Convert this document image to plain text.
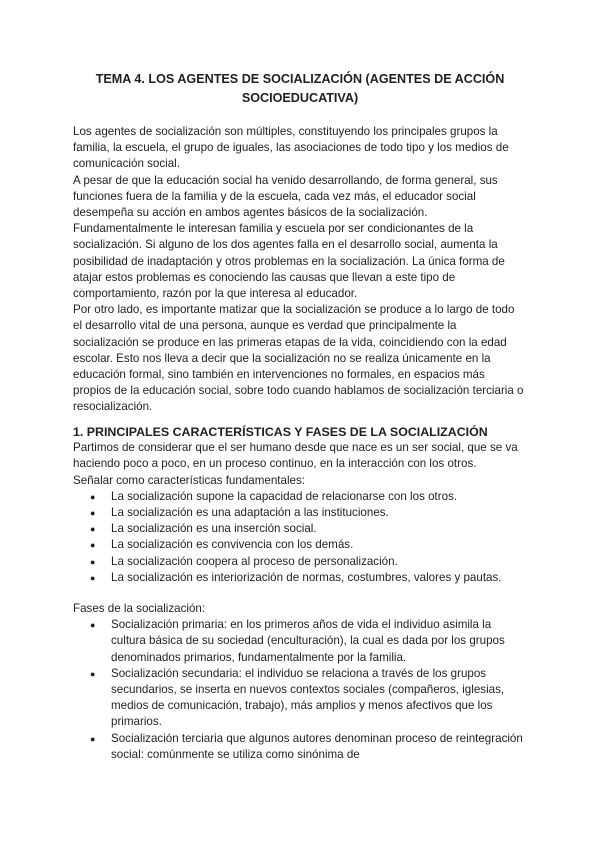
TEMA 4. LOS AGENTES DE SOCIALIZACIÓN (AGENTES DE ACCIÓN SOCIOEDUCATIVA)

Los agentes de socialización son múltiples, constituyendo los principales grupos la familia, la escuela, el grupo de iguales, las asociaciones de todo tipo y los medios de comunicación social.

A pesar de que la educación social ha venido desarrollando, de forma general, sus funciones fuera de la familia y de la escuela, cada vez más, el educador social desempeña su acción en ambos agentes básicos de la socialización.

Fundamentalmente le interesan familia y escuela por ser condicionantes de la socialización. Si alguno de los dos agentes falla en el desarrollo social, aumenta la posibilidad de inadaptación y otros problemas en la socialización. La única forma de atajar estos problemas es conociendo las causas que llevan a este tipo de comportamiento, razón por la que interesa al educador.

Por otro lado, es importante matizar que la socialización se produce a lo largo de todo el desarrollo vital de una persona, aunque es verdad que principalmente la socialización se produce en las primeras etapas de la vida, coincidiendo con la edad escolar. Esto nos lleva a decir que la socialización no se realiza únicamente en la educación formal, sino también en intervenciones no formales, en espacios más propios de la educación social, sobre todo cuando hablamos de socialización terciaria o resocialización.

1. PRINCIPALES CARACTERÍSTICAS Y FASES DE LA SOCIALIZACIÓN

Partimos de considerar que el ser humano desde que nace es un ser social, que se va haciendo poco a poco, en un proceso continuo, en la interacción con los otros.

Señalar como características fundamentales:

● La socialización supone la capacidad de relacionarse con los otros.
● La socialización es una adaptación a las instituciones.
● La socialización es una inserción social.
● La socialización es convivencia con los demás.
● La socialización coopera al proceso de personalización.
● La socialización es interiorización de normas, costumbres, valores y pautas.

Fases de la socialización:

● Socialización primaria: en los primeros años de vida el individuo asimila la cultura básica de su sociedad (enculturación), la cual es dada por los grupos denominados primarios, fundamentalmente por la familia.
● Socialización secundaria: el individuo se relaciona a través de los grupos secundarios, se inserta en nuevos contextos sociales (compañeros, iglesias, medios de comunicación, trabajo), más amplios y menos afectivos que los primarios.
● Socialización terciaria que algunos autores denominan proceso de reintegración social: comúnmente se utiliza como sinónima de
